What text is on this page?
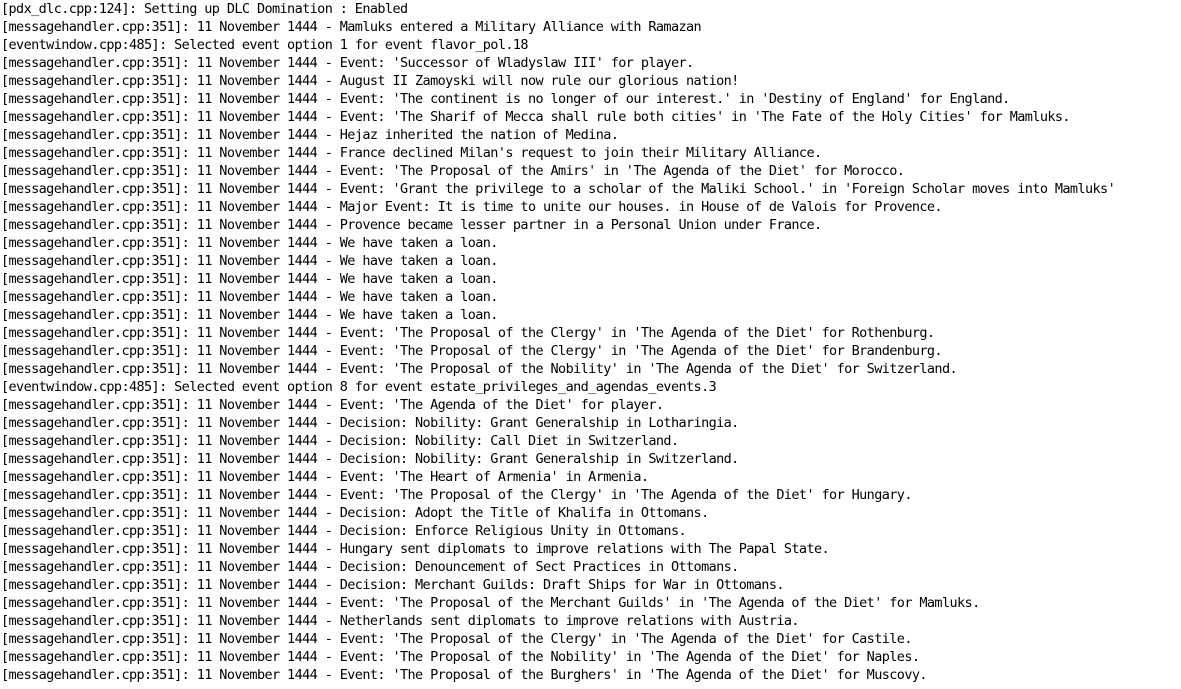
[pdx_dlc.cpp:124]: Setting up DLC Domination : Enabled
[messagehandler.cpp:351]: 11 November 1444 - Mamluks entered a Military Alliance with Ramazan
[eventwindow.cpp:485]: Selected event option 1 for event flavor_pol.18
[messagehandler.cpp:351]: 11 November 1444 - Event: 'Successor of Wladyslaw III' for player.
[messagehandler.cpp:351]: 11 November 1444 - August II Zamoyski will now rule our glorious nation!
[messagehandler.cpp:351]: 11 November 1444 - Event: 'The continent is no longer of our interest.' in 'Destiny of England' for England.
[messagehandler.cpp:351]: 11 November 1444 - Event: 'The Sharif of Mecca shall rule both cities' in 'The Fate of the Holy Cities' for Mamluks.
[messagehandler.cpp:351]: 11 November 1444 - Hejaz inherited the nation of Medina.
[messagehandler.cpp:351]: 11 November 1444 - France declined Milan's request to join their Military Alliance.
[messagehandler.cpp:351]: 11 November 1444 - Event: 'The Proposal of the Amirs' in 'The Agenda of the Diet' for Morocco.
[messagehandler.cpp:351]: 11 November 1444 - Event: 'Grant the privilege to a scholar of the Maliki School.' in 'Foreign Scholar moves into Mamluks'
[messagehandler.cpp:351]: 11 November 1444 - Major Event: It is time to unite our houses. in House of de Valois for Provence.
[messagehandler.cpp:351]: 11 November 1444 - Provence became lesser partner in a Personal Union under France.
[messagehandler.cpp:351]: 11 November 1444 - We have taken a loan.
[messagehandler.cpp:351]: 11 November 1444 - We have taken a loan.
[messagehandler.cpp:351]: 11 November 1444 - We have taken a loan.
[messagehandler.cpp:351]: 11 November 1444 - We have taken a loan.
[messagehandler.cpp:351]: 11 November 1444 - We have taken a loan.
[messagehandler.cpp:351]: 11 November 1444 - Event: 'The Proposal of the Clergy' in 'The Agenda of the Diet' for Rothenburg.
[messagehandler.cpp:351]: 11 November 1444 - Event: 'The Proposal of the Clergy' in 'The Agenda of the Diet' for Brandenburg.
[messagehandler.cpp:351]: 11 November 1444 - Event: 'The Proposal of the Nobility' in 'The Agenda of the Diet' for Switzerland.
[eventwindow.cpp:485]: Selected event option 8 for event estate_privileges_and_agendas_events.3
[messagehandler.cpp:351]: 11 November 1444 - Event: 'The Agenda of the Diet' for player.
[messagehandler.cpp:351]: 11 November 1444 - Decision: Nobility: Grant Generalship in Lotharingia.
[messagehandler.cpp:351]: 11 November 1444 - Decision: Nobility: Call Diet in Switzerland.
[messagehandler.cpp:351]: 11 November 1444 - Decision: Nobility: Grant Generalship in Switzerland.
[messagehandler.cpp:351]: 11 November 1444 - Event: 'The Heart of Armenia' in Armenia.
[messagehandler.cpp:351]: 11 November 1444 - Event: 'The Proposal of the Clergy' in 'The Agenda of the Diet' for Hungary.
[messagehandler.cpp:351]: 11 November 1444 - Decision: Adopt the Title of Khalifa in Ottomans.
[messagehandler.cpp:351]: 11 November 1444 - Decision: Enforce Religious Unity in Ottomans.
[messagehandler.cpp:351]: 11 November 1444 - Hungary sent diplomats to improve relations with The Papal State.
[messagehandler.cpp:351]: 11 November 1444 - Decision: Denouncement of Sect Practices in Ottomans.
[messagehandler.cpp:351]: 11 November 1444 - Decision: Merchant Guilds: Draft Ships for War in Ottomans.
[messagehandler.cpp:351]: 11 November 1444 - Event: 'The Proposal of the Merchant Guilds' in 'The Agenda of the Diet' for Mamluks.
[messagehandler.cpp:351]: 11 November 1444 - Netherlands sent diplomats to improve relations with Austria.
[messagehandler.cpp:351]: 11 November 1444 - Event: 'The Proposal of the Clergy' in 'The Agenda of the Diet' for Castile.
[messagehandler.cpp:351]: 11 November 1444 - Event: 'The Proposal of the Nobility' in 'The Agenda of the Diet' for Naples.
[messagehandler.cpp:351]: 11 November 1444 - Event: 'The Proposal of the Burghers' in 'The Agenda of the Diet' for Muscovy.
